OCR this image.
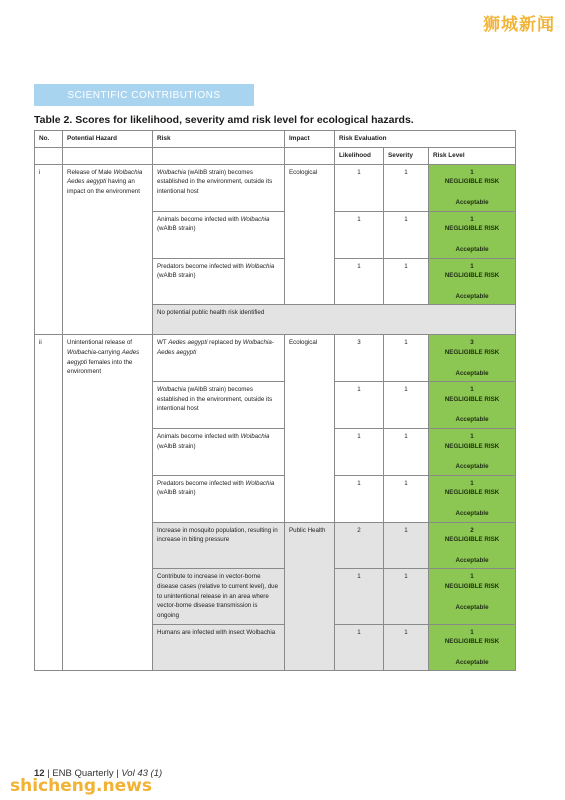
狮城新闻
SCIENTIFIC CONTRIBUTIONS
Table 2. Scores for likelihood, severity amd risk level for ecological hazards.
No.	Potential Hazard	Risk	Impact	Risk Evaluation		
				Likelihood	Severity	Risk Level
i	Release of Male Wolbachia Aedes aegypti having an impact on the environment	Wolbachia (wAlbB strain) becomes established in the environment, outside its intentional host	Ecological	1	1	1
NEGLIGIBLE RISK
Acceptable

		Animals become infected with Wolbachia (wAlbB strain)		1	1	1
NEGLIGIBLE RISK
Acceptable

		Predators become infected with Wolbachia (wAlbB strain)		1	1	1
NEGLIGIBLE RISK
Acceptable

		No potential public health risk identified				
ii	Unintentional release of Wolbachia-carrying Aedes aegypti females into the environment	WT Aedes aegypti replaced by Wolbachia-Aedes aegypti	Ecological	3	1	3
NEGLIGIBLE RISK
Acceptable

		Wolbachia (wAlbB strain) becomes established in the environment, outside its intentional host		1	1	1
NEGLIGIBLE RISK
Acceptable

		Animals become infected with Wolbachia (wAlbB strain)		1	1	1
NEGLIGIBLE RISK
Acceptable

		Predators become infected with Wolbachia (wAlbB strain)		1	1	1
NEGLIGIBLE RISK
Acceptable

		Increase in mosquito population, resulting in increase in biting pressure	Public Health	2	1	2
NEGLIGIBLE RISK
Acceptable

		Contribute to increase in vector-borne disease cases (relative to current level), due to unintentional release in an area where vector-borne disease transmission is ongoing		1	1	1
NEGLIGIBLE RISK
Acceptable

		Humans are infected with insect Wolbachia		1	1	1
NEGLIGIBLE RISK
Acceptable
12 | ENB Quarterly | Vol 43 (1)
shicheng.news
